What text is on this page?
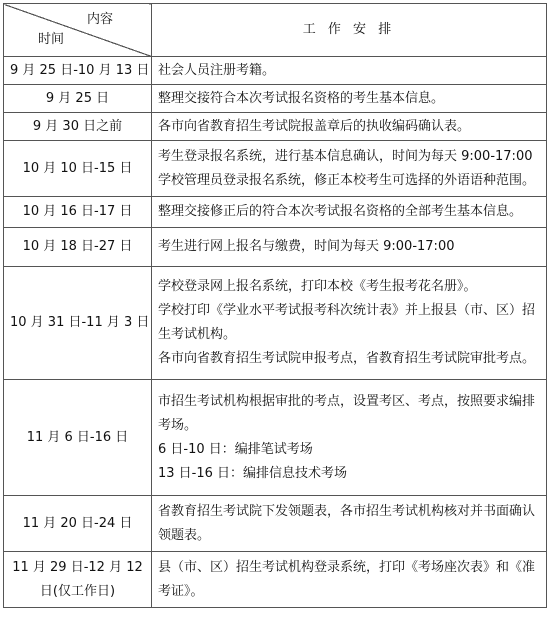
内容
时间	工 作 安 排

9 月 25 日-10 月 13 日	社会人员注册考籍。

9 月 25 日	整理交接符合本次考试报名资格的考生基本信息。

9 月 30 日之前	各市向省教育招生考试院报盖章后的执收编码确认表。

10 月 10 日-15 日	考生登录报名系统，进行基本信息确认，时间为每天 9:00-17:00
学校管理员登录报名系统，修正本校考生可选择的外语语种范围。

10 月 16 日-17 日	整理交接修正后的符合本次考试报名资格的全部考生基本信息。

10 月 18 日-27 日	考生进行网上报名与缴费，时间为每天 9:00-17:00

10 月 31 日-11 月 3 日	学校登录网上报名系统，打印本校《考生报考花名册》。
学校打印《学业水平考试报考科次统计表》并上报县（市、区）招生考试机构。
各市向省教育招生考试院申报考点，省教育招生考试院审批考点。

11 月 6 日-16 日	市招生考试机构根据审批的考点，设置考区、考点，按照要求编排考场。
6 日-10 日：编排笔试考场
13 日-16 日：编排信息技术考场

11 月 20 日-24 日	省教育招生考试院下发领题表，各市招生考试机构核对并书面确认领题表。

11 月 29 日-12 月 12
日(仅工作日)	县（市、区）招生考试机构登录系统，打印《考场座次表》和《准考证》。
